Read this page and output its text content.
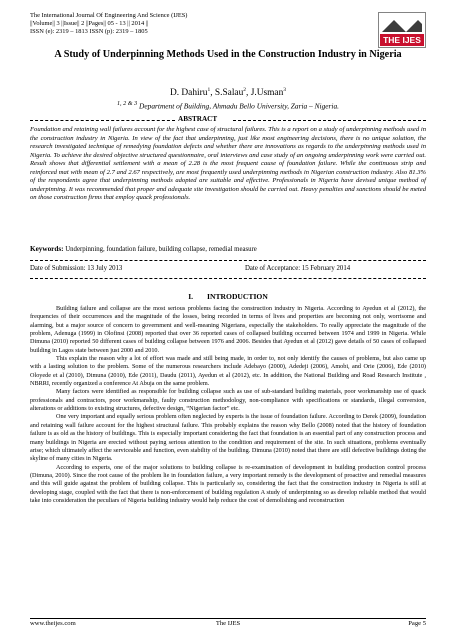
The International Journal Of Engineering And Science (IJES)
||Volume|| 3 ||Issue|| 2 ||Pages|| 05 - 13 || 2014 ||
ISSN (e): 2319 – 1813 ISSN (p): 2319 – 1805
THE IJES
A Study of Underpinning Methods Used in the Construction Industry in Nigeria
D. Dahiru$^1$, S.Salau$^2$, J.Usman$^3$
$^{1, 2 \& 3}$ Department of Building, Ahmadu Bello University, Zaria – Nigeria.
ABSTRACT
Foundation and retaining wall failures account for the highest case of structural failures. This is a report on a study of underpinning methods used in the construction industry in Nigeria. In view of the fact that underpinning, just like most engineering decisions, there is no unique solution, the research investigated technique of remedying foundation defects and whether there are innovations as regards to the underpinning methods used in Nigeria. To achieve the desired objective structured questionnaire, oral interviews and case study of an ongoing underpinning work were carried out. Result shows that differential settlement with a mean of 2.28 is the most frequent cause of foundation failure. While the continuous strip and reinforced mat with mean of 2.7 and 2.67 respectively, are most frequently used underpinning methods in Nigerian construction industry. Also 81.3% of the respondents agree that underpinning methods adopted are suitable and effective. Professionals in Nigeria have devised unique method of underpinning. It was recommended that proper and adequate site investigation should be carried out. Heavy penalties and sanctions should be meted on those construction firms that employ quack professionals.
Keywords: Underpinning, foundation failure, building collapse, remedial measure
Date of Submission: 13 July 2013	Date of Acceptance: 15 February 2014
I. INTRODUCTION

Building failure and collapse are the most serious problems facing the construction industry in Nigeria. According to Ayedun et al (2012), the frequencies of their occurrences and the magnitude of the losses, being recorded in terms of lives and properties are becoming not only, worrisome and alarming, but a major source of concern to government and well-meaning Nigerians, especially the stakeholders. To really appreciate the magnitude of the problem, Adenuga (1999) in Olofinsi (2008) reported that over 36 reported cases of collapsed building occurred between 1974 and 1999 in Nigeria. While Dimuna (2010) reported 50 different cases of building collapse between 1976 and 2006. Besides that Ayedun et al (2012) gave details of 50 cases of collapsed building in Lagos state between just 2000 and 2010.

This explain the reason why a lot of effort was made and still being made, in order to, not only identify the causes of problems, but also came up with a lasting solution to the problem. Some of the numerous researchers include Adebayo (2000), Adedeji (2006), Amobi, and Orie (2006), Ede (2010) Oloyede et al (2010), Dimuna (2010), Ede (2011), Daudu (2011), Ayedun et al (2012), etc. In addition, the National Building and Road Research Institute , NBRRI, recently organized a conference At Abuja on the same problem.

Many factors were identified as responsible for building collapse such as use of sub-standard building materials, poor workmanship use of quack professionals and contractors, poor workmanship, faulty construction methodology, non-compliance with specifications or standards, illegal conversion, alterations or additions to existing structures, defective design, “Nigerian factor” etc.

One very important and equally serious problem often neglected by experts is the issue of foundation failure. According to Derek (2009), foundation and retaining wall failure account for the highest structural failure. This probably explains the reason why Bello (2008) noted that the history of foundation failure is as old as the history of buildings. This is especially important considering the fact that foundation is an essential part of any construction process and many buildings in Nigeria are erected without paying serious attention to the condition and requirement of the site. In such situations, problems eventually arise; which ultimately affect the serviceable and function, even stability of the building. Dimuna (2010) noted that there are still defective buildings doting the skyline of many cities in Nigeria.

According to experts, one of the major solutions to building collapse is re-examination of development in building production control process (Dimuna, 2010). Since the root cause of the problem lie in foundation failure, a very important remedy is the development of proactive and remedial measures and this will guide against the problem of building collapse. This is particularly so, considering the fact that the construction industry in Nigeria is still at developing stage, coupled with the fact that there is non-enforcement of building regulation A study of underpinning so as develop reliable method that would take into consideration the peculiars of Nigeria building industry would help reduce the cost of demolishing and reconstruction

www.theijes.com	The IJES	Page 5
